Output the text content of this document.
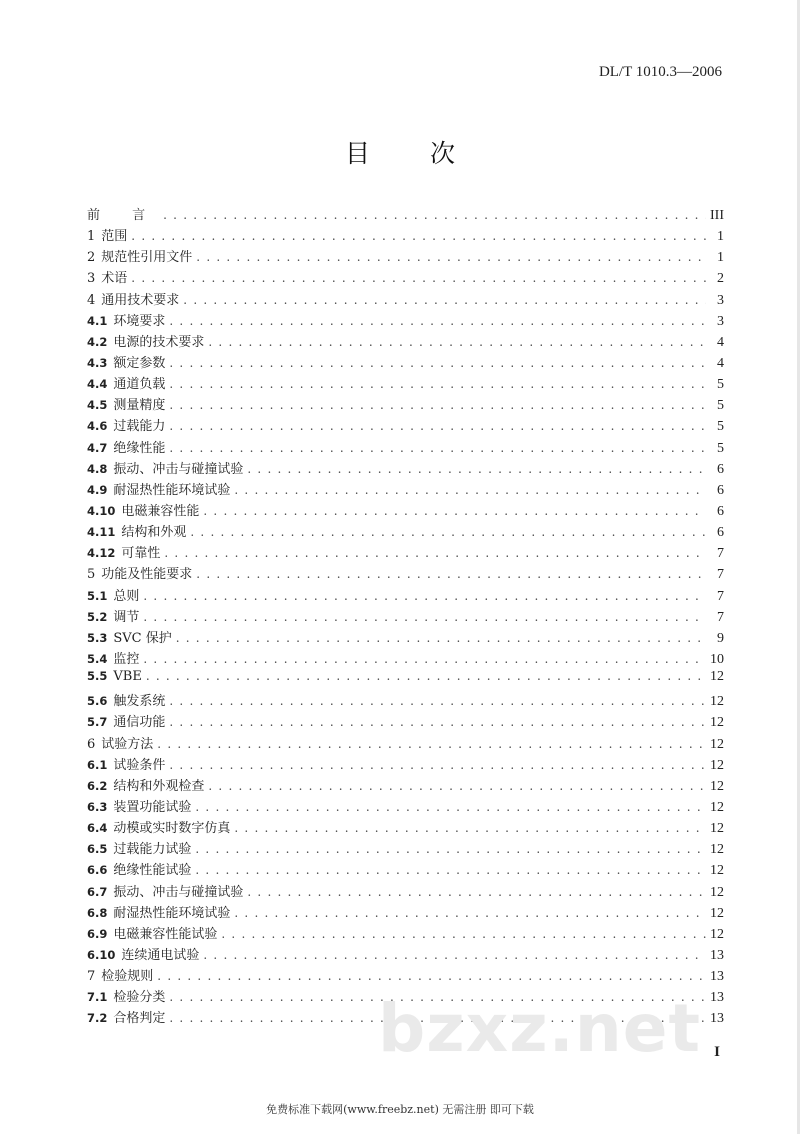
DL/T 1010.3—2006
目 次
前 言 . . .	III
1 范围 . . .	1
2 规范性引用文件 . . .	1
3 术语 . . .	2
4 通用技术要求 . . .	3
4.1 环境要求 . . .	3
4.2 电源的技术要求 . . .	4
4.3 额定参数 . . .	4
4.4 通道负载 . . .	5
4.5 测量精度 . . .	5
4.6 过载能力 . . .	5
4.7 绝缘性能 . . .	5
4.8 振动、冲击与碰撞试验 . . .	6
4.9 耐湿热性能环境试验 . . .	6
4.10 电磁兼容性能 . . .	6
4.11 结构和外观 . . .	6
4.12 可靠性 . . .	7
5 功能及性能要求 . . .	7
5.1 总则 . . .	7
5.2 调节 . . .	7
5.3 SVC 保护 . . .	9
5.4 监控 . . .	10
5.5 VBE . . .	12
5.6 触发系统 . . .	12
5.7 通信功能 . . .	12
6 试验方法 . . .	12
6.1 试验条件 . . .	12
6.2 结构和外观检查 . . .	12
6.3 装置功能试验 . . .	12
6.4 动模或实时数字仿真 . . .	12
6.5 过载能力试验 . . .	12
6.6 绝缘性能试验 . . .	12
6.7 振动、冲击与碰撞试验 . . .	12
6.8 耐湿热性能环境试验 . . .	12
6.9 电磁兼容性能试验 . . .	12
6.10 连续通电试验 . . .	13
7 检验规则 . . .	13
7.1 检验分类 . . .	13
7.2 合格判定 . . .	13
bzxz.net I
免费标准下载网(www.freebz.net) 无需注册 即可下载
